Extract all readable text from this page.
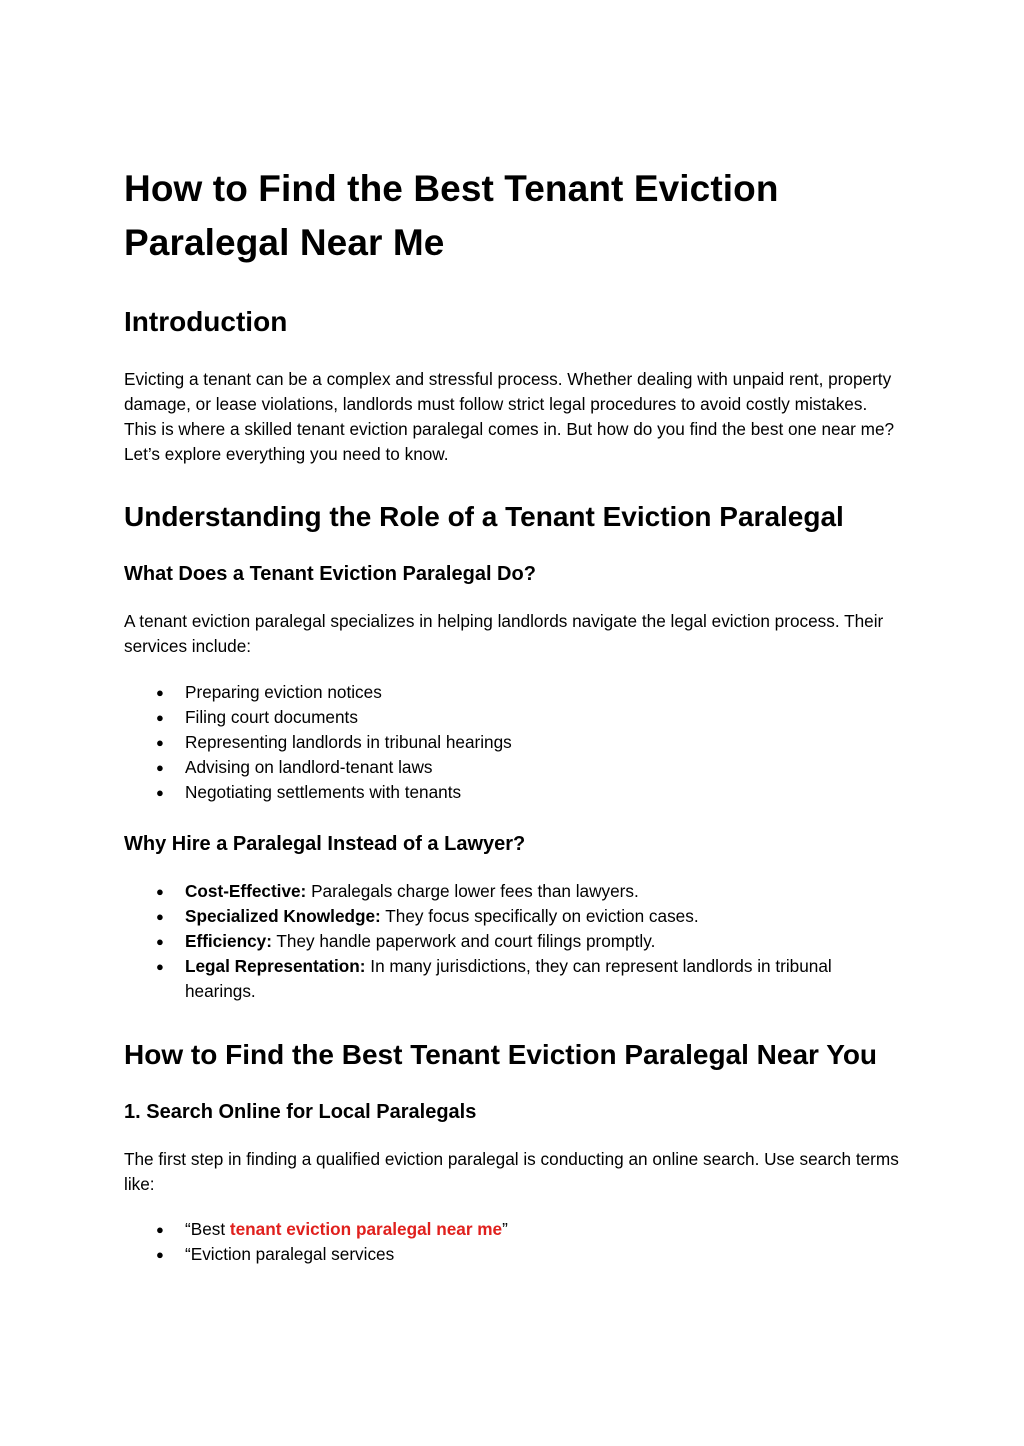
How to Find the Best Tenant Eviction Paralegal Near Me
Introduction

Evicting a tenant can be a complex and stressful process. Whether dealing with unpaid rent, property damage, or lease violations, landlords must follow strict legal procedures to avoid costly mistakes. This is where a skilled tenant eviction paralegal comes in. But how do you find the best one near me? Let’s explore everything you need to know.

Understanding the Role of a Tenant Eviction Paralegal
What Does a Tenant Eviction Paralegal Do?

A tenant eviction paralegal specializes in helping landlords navigate the legal eviction process. Their services include:

● Preparing eviction notices
● Filing court documents
● Representing landlords in tribunal hearings
● Advising on landlord-tenant laws
● Negotiating settlements with tenants
Why Hire a Paralegal Instead of a Lawyer?
● Cost-Effective: Paralegals charge lower fees than lawyers.
● Specialized Knowledge: They focus specifically on eviction cases.
● Efficiency: They handle paperwork and court filings promptly.
● Legal Representation: In many jurisdictions, they can represent landlords in tribunal hearings.
How to Find the Best Tenant Eviction Paralegal Near You
1. Search Online for Local Paralegals

The first step in finding a qualified eviction paralegal is conducting an online search. Use search terms like:

● “Best tenant eviction paralegal near me”
● “Eviction paralegal services
